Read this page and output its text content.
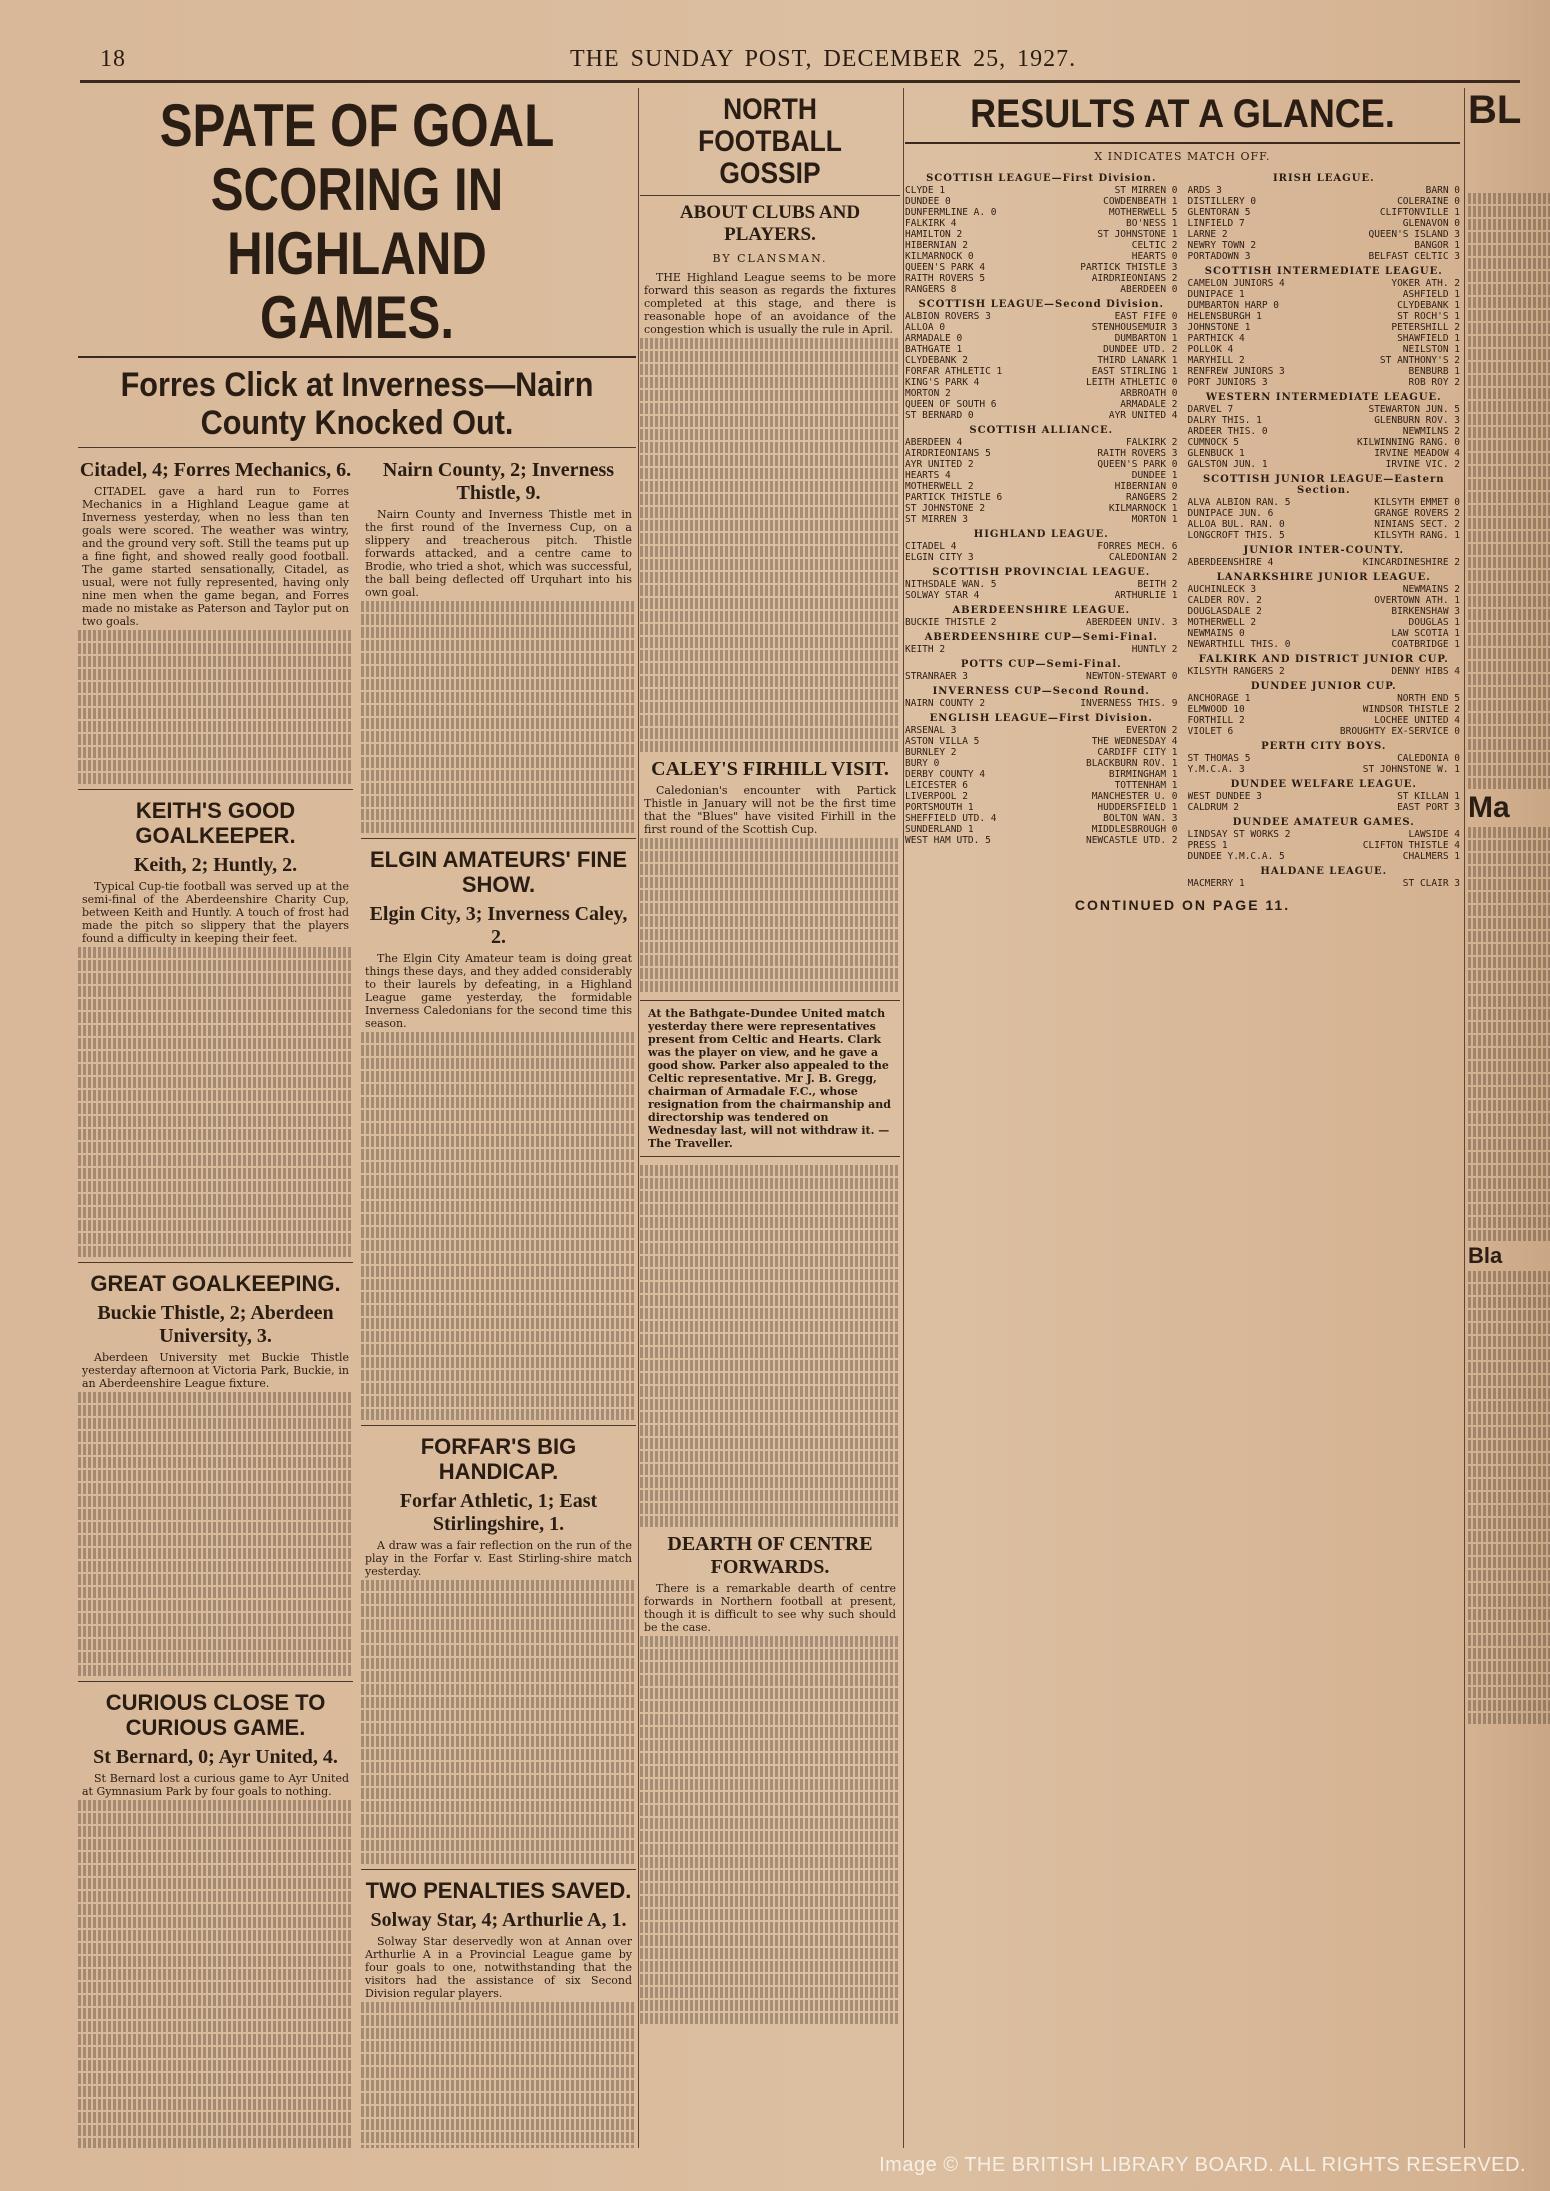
18	THE SUNDAY POST, DECEMBER 25, 1927.
SPATE OF GOAL SCORING IN HIGHLAND GAMES.
Forres Click at Inverness—Nairn County Knocked Out.
Citadel, 4; Forres Mechanics, 6.

CITADEL gave a hard run to Forres Mechanics in a Highland League game at Inverness yesterday, when no less than ten goals were scored. The weather was wintry, and the ground very soft. Still the teams put up a fine fight, and showed really good football. The game started sensationally, Citadel, as usual, were not fully represented, having only nine men when the game began, and Forres made no mistake as Paterson and Taylor put on two goals.

KEITH'S GOOD GOALKEEPER.
Keith, 2; Huntly, 2.

Typical Cup-tie football was served up at the semi-final of the Aberdeenshire Charity Cup, between Keith and Huntly. A touch of frost had made the pitch so slippery that the players found a difficulty in keeping their feet.

GREAT GOALKEEPING.
Buckie Thistle, 2; Aberdeen University, 3.

Aberdeen University met Buckie Thistle yesterday afternoon at Victoria Park, Buckie, in an Aberdeenshire League fixture.

CURIOUS CLOSE TO CURIOUS GAME.
St Bernard, 0; Ayr United, 4.

St Bernard lost a curious game to Ayr United at Gymnasium Park by four goals to nothing.

Nairn County, 2; Inverness Thistle, 9.

Nairn County and Inverness Thistle met in the first round of the Inverness Cup, on a slippery and treacherous pitch. Thistle forwards attacked, and a centre came to Brodie, who tried a shot, which was successful, the ball being deflected off Urquhart into his own goal.

ELGIN AMATEURS' FINE SHOW.
Elgin City, 3; Inverness Caley, 2.

The Elgin City Amateur team is doing great things these days, and they added considerably to their laurels by defeating, in a Highland League game yesterday, the formidable Inverness Caledonians for the second time this season.

FORFAR'S BIG HANDICAP.
Forfar Athletic, 1; East Stirlingshire, 1.

A draw was a fair reflection on the run of the play in the Forfar v. East Stirling-shire match yesterday.

TWO PENALTIES SAVED.
Solway Star, 4; Arthurlie A, 1.

Solway Star deservedly won at Annan over Arthurlie A in a Provincial League game by four goals to one, notwithstanding that the visitors had the assistance of six Second Division regular players.

NORTH FOOTBALL GOSSIP
ABOUT CLUBS AND PLAYERS.
BY CLANSMAN.

THE Highland League seems to be more forward this season as regards the fixtures completed at this stage, and there is reasonable hope of an avoidance of the congestion which is usually the rule in April.

CALEY'S FIRHILL VISIT.

Caledonian's encounter with Partick Thistle in January will not be the first time that the "Blues" have visited Firhill in the first round of the Scottish Cup.

At the Bathgate-Dundee United match yesterday there were representatives present from Celtic and Hearts. Clark was the player on view, and he gave a good show. Parker also appealed to the Celtic representative. Mr J. B. Gregg, chairman of Armadale F.C., whose resignation from the chairmanship and directorship was tendered on Wednesday last, will not withdraw it. — The Traveller.
DEARTH OF CENTRE FORWARDS.

There is a remarkable dearth of centre forwards in Northern football at present, though it is difficult to see why such should be the case.

RESULTS AT A GLANCE.
X INDICATES MATCH OFF.
SCOTTISH LEAGUE—First Division.
CLYDE 1	ST MIRREN 0
DUNDEE 0	COWDENBEATH 1
DUNFERMLINE A. 0	MOTHERWELL 5
FALKIRK 4	BO'NESS 1
HAMILTON 2	ST JOHNSTONE 1
HIBERNIAN 2	CELTIC 2
KILMARNOCK 0	HEARTS 0
QUEEN'S PARK 4	PARTICK THISTLE 3
RAITH ROVERS 5	AIRDRIEONIANS 2
RANGERS 8	ABERDEEN 0
SCOTTISH LEAGUE—Second Division.
ALBION ROVERS 3	EAST FIFE 0
ALLOA 0	STENHOUSEMUIR 3
ARMADALE 0	DUMBARTON 1
BATHGATE 1	DUNDEE UTD. 2
CLYDEBANK 2	THIRD LANARK 1
FORFAR ATHLETIC 1	EAST STIRLING 1
KING'S PARK 4	LEITH ATHLETIC 0
MORTON 2	ARBROATH 0
QUEEN OF SOUTH 6	ARMADALE 2
ST BERNARD 0	AYR UNITED 4
SCOTTISH ALLIANCE.
ABERDEEN 4	FALKIRK 2
AIRDRIEONIANS 5	RAITH ROVERS 3
AYR UNITED 2	QUEEN'S PARK 0
HEARTS 4	DUNDEE 1
MOTHERWELL 2	HIBERNIAN 0
PARTICK THISTLE 6	RANGERS 2
ST JOHNSTONE 2	KILMARNOCK 1
ST MIRREN 3	MORTON 1
HIGHLAND LEAGUE.
CITADEL 4	FORRES MECH. 6
ELGIN CITY 3	CALEDONIAN 2
SCOTTISH PROVINCIAL LEAGUE.
NITHSDALE WAN. 5	BEITH 2
SOLWAY STAR 4	ARTHURLIE 1
ABERDEENSHIRE LEAGUE.
BUCKIE THISTLE 2	ABERDEEN UNIV. 3
ABERDEENSHIRE CUP—Semi-Final.
KEITH 2	HUNTLY 2
POTTS CUP—Semi-Final.
STRANRAER 3	NEWTON-STEWART 0
INVERNESS CUP—Second Round.
NAIRN COUNTY 2	INVERNESS THIS. 9
ENGLISH LEAGUE—First Division.
ARSENAL 3	EVERTON 2
ASTON VILLA 5	THE WEDNESDAY 4
BURNLEY 2	CARDIFF CITY 1
BURY 0	BLACKBURN ROV. 1
DERBY COUNTY 4	BIRMINGHAM 1
LEICESTER 6	TOTTENHAM 1
LIVERPOOL 2	MANCHESTER U. 0
PORTSMOUTH 1	HUDDERSFIELD 1
SHEFFIELD UTD. 4	BOLTON WAN. 3
SUNDERLAND 1	MIDDLESBROUGH 0
WEST HAM UTD. 5	NEWCASTLE UTD. 2
IRISH LEAGUE.
ARDS 3	BARN 0
DISTILLERY 0	COLERAINE 0
GLENTORAN 5	CLIFTONVILLE 1
LINFIELD 7	GLENAVON 0
LARNE 2	QUEEN'S ISLAND 3
NEWRY TOWN 2	BANGOR 1
PORTADOWN 3	BELFAST CELTIC 3
SCOTTISH INTERMEDIATE LEAGUE.
CAMELON JUNIORS 4	YOKER ATH. 2
DUNIPACE 1	ASHFIELD 1
DUMBARTON HARP 0	CLYDEBANK 1
HELENSBURGH 1	ST ROCH'S 1
JOHNSTONE 1	PETERSHILL 2
PARTHICK 4	SHAWFIELD 1
POLLOK 4	NEILSTON 1
MARYHILL 2	ST ANTHONY'S 2
RENFREW JUNIORS 3	BENBURB 1
PORT JUNIORS 3	ROB ROY 2
WESTERN INTERMEDIATE LEAGUE.
DARVEL 7	STEWARTON JUN. 5
DALRY THIS. 1	GLENBURN ROV. 3
ARDEER THIS. 0	NEWMILNS 2
CUMNOCK 5	KILWINNING RANG. 0
GLENBUCK 1	IRVINE MEADOW 4
GALSTON JUN. 1	IRVINE VIC. 2
SCOTTISH JUNIOR LEAGUE—Eastern Section.
ALVA ALBION RAN. 5	KILSYTH EMMET 0
DUNIPACE JUN. 6	GRANGE ROVERS 2
ALLOA BUL. RAN. 0	NINIANS SECT. 2
LONGCROFT THIS. 5	KILSYTH RANG. 1
JUNIOR INTER-COUNTY.
ABERDEENSHIRE 4	KINCARDINESHIRE 2
LANARKSHIRE JUNIOR LEAGUE.
AUCHINLECK 3	NEWMAINS 2
CALDER ROV. 2	OVERTOWN ATH. 1
DOUGLASDALE 2	BIRKENSHAW 3
MOTHERWELL 2	DOUGLAS 1
NEWMAINS 0	LAW SCOTIA 1
NEWARTHILL THIS. 0	COATBRIDGE 1
FALKIRK AND DISTRICT JUNIOR CUP.
KILSYTH RANGERS 2	DENNY HIBS 4
DUNDEE JUNIOR CUP.
ANCHORAGE 1	NORTH END 5
ELMWOOD 10	WINDSOR THISTLE 2
FORTHILL 2	LOCHEE UNITED 4
VIOLET 6	BROUGHTY EX-SERVICE 0
PERTH CITY BOYS.
ST THOMAS 5	CALEDONIA 0
Y.M.C.A. 3	ST JOHNSTONE W. 1
DUNDEE WELFARE LEAGUE.
WEST DUNDEE 3	ST KILLAN 1
CALDRUM 2	EAST PORT 3
DUNDEE AMATEUR GAMES.
LINDSAY ST WORKS 2	LAWSIDE 4
PRESS 1	CLIFTON THISTLE 4
DUNDEE Y.M.C.A. 5	CHALMERS 1
HALDANE LEAGUE.
MACMERRY 1	ST CLAIR 3
CONTINUED ON PAGE 11.
BL
Ma
Bla
Image © THE BRITISH LIBRARY BOARD. ALL RIGHTS RESERVED.
